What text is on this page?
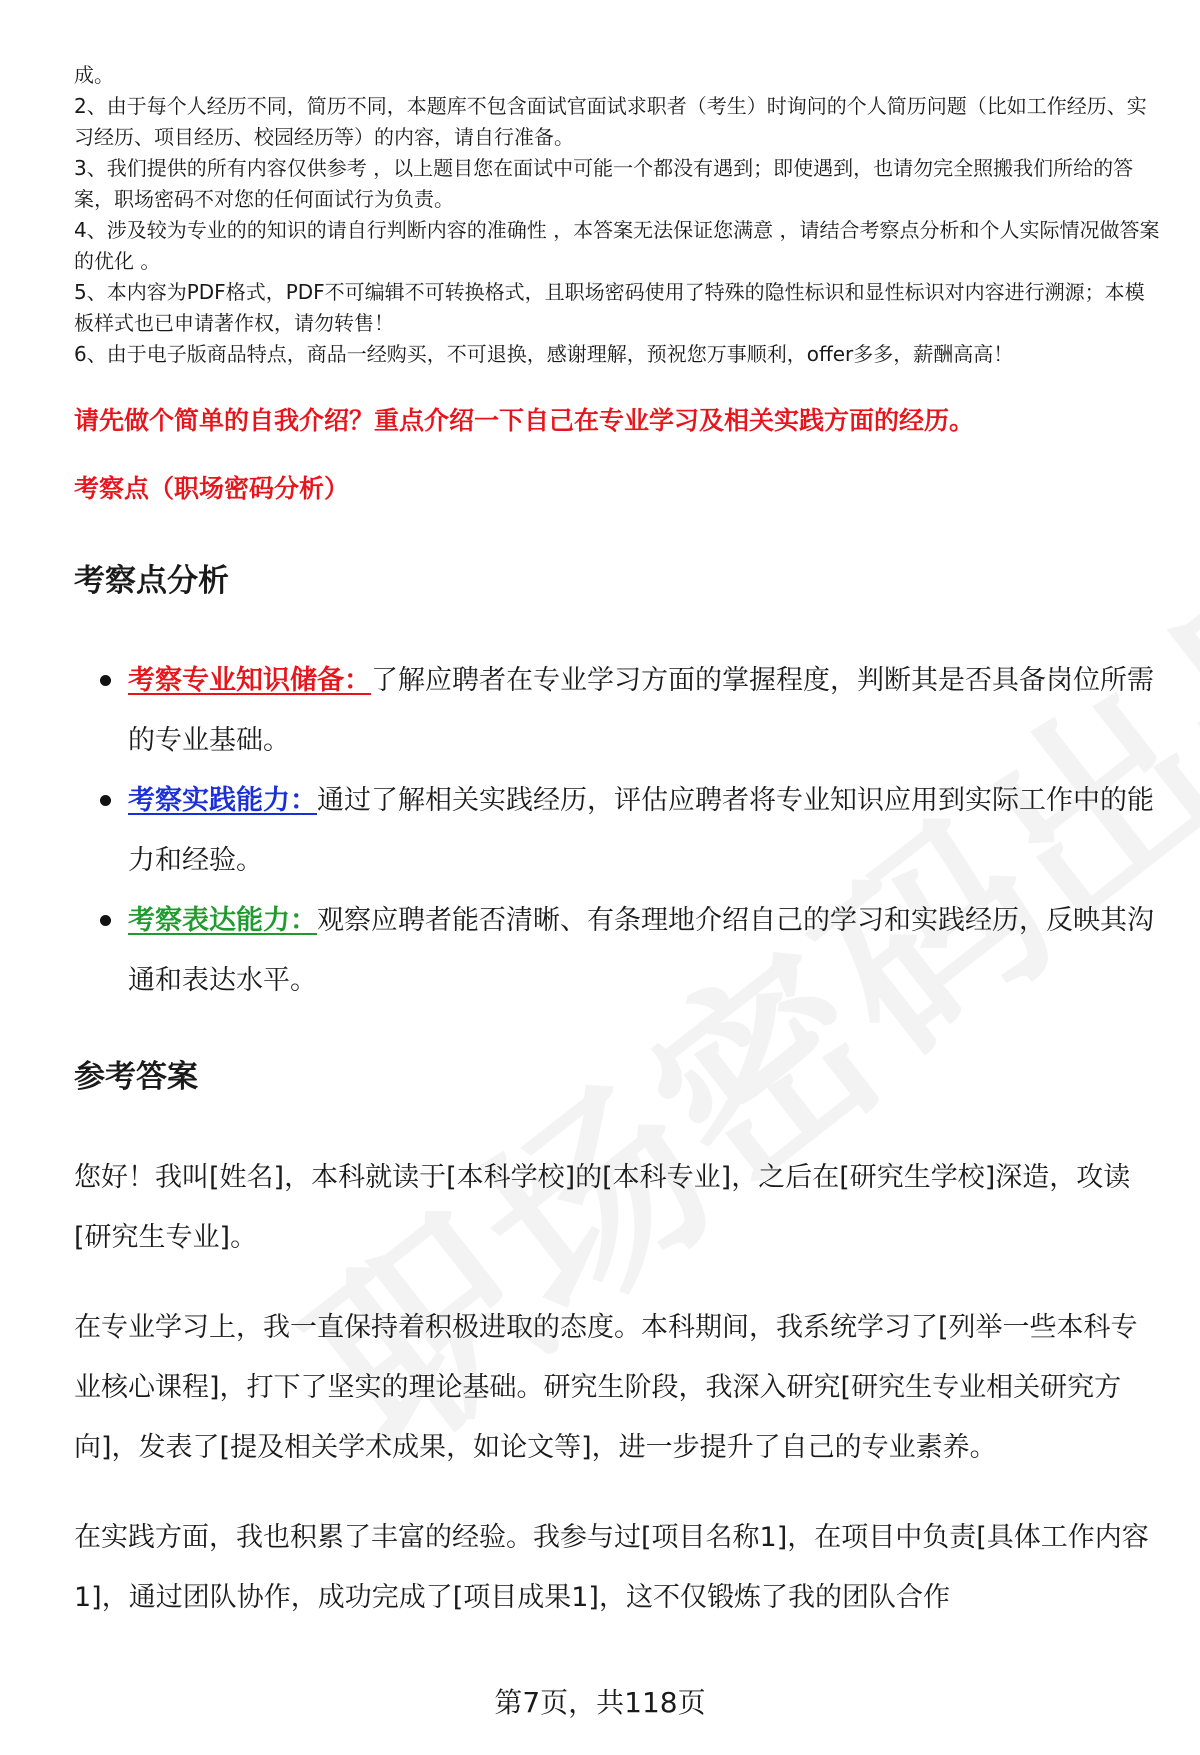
成。

2、由于每个人经历不同，简历不同，本题库不包含面试官面试求职者（考生）时询问的个人简历问题（比如工作经历、实习经历、项目经历、校园经历等）的内容，请自行准备。

3、我们提供的所有内容仅供参考 ，以上题目您在面试中可能一个都没有遇到；即使遇到，也请勿完全照搬我们所给的答案，职场密码不对您的任何面试行为负责。

4、涉及较为专业的的知识的请自行判断内容的准确性 ，本答案无法保证您满意 ，请结合考察点分析和个人实际情况做答案的优化 。

5、本内容为PDF格式，PDF不可编辑不可转换格式，且职场密码使用了特殊的隐性标识和显性标识对内容进行溯源；本模板样式也已申请著作权，请勿转售！

6、由于电子版商品特点，商品一经购买，不可退换，感谢理解，预祝您万事顺利，offer多多，薪酬高高！

请先做个简单的自我介绍？重点介绍一下自己在专业学习及相关实践方面的经历。
考察点（职场密码分析）
考察点分析
考察专业知识储备：了解应聘者在专业学习方面的掌握程度，判断其是否具备岗位所需的专业基础。
考察实践能力：通过了解相关实践经历，评估应聘者将专业知识应用到实际工作中的能力和经验。
考察表达能力：观察应聘者能否清晰、有条理地介绍自己的学习和实践经历，反映其沟通和表达水平。
参考答案

您好！我叫[姓名]，本科就读于[本科学校]的[本科专业]，之后在[研究生学校]深造，攻读[研究生专业]。

在专业学习上，我一直保持着积极进取的态度。本科期间，我系统学习了[列举一些本科专业核心课程]，打下了坚实的理论基础。研究生阶段，我深入研究[研究生专业相关研究方向]，发表了[提及相关学术成果，如论文等]，进一步提升了自己的专业素养。

在实践方面，我也积累了丰富的经验。我参与过[项目名称1]，在项目中负责[具体工作内容1]，通过团队协作，成功完成了[项目成果1]，这不仅锻炼了我的团队合作

第7页，共118页
